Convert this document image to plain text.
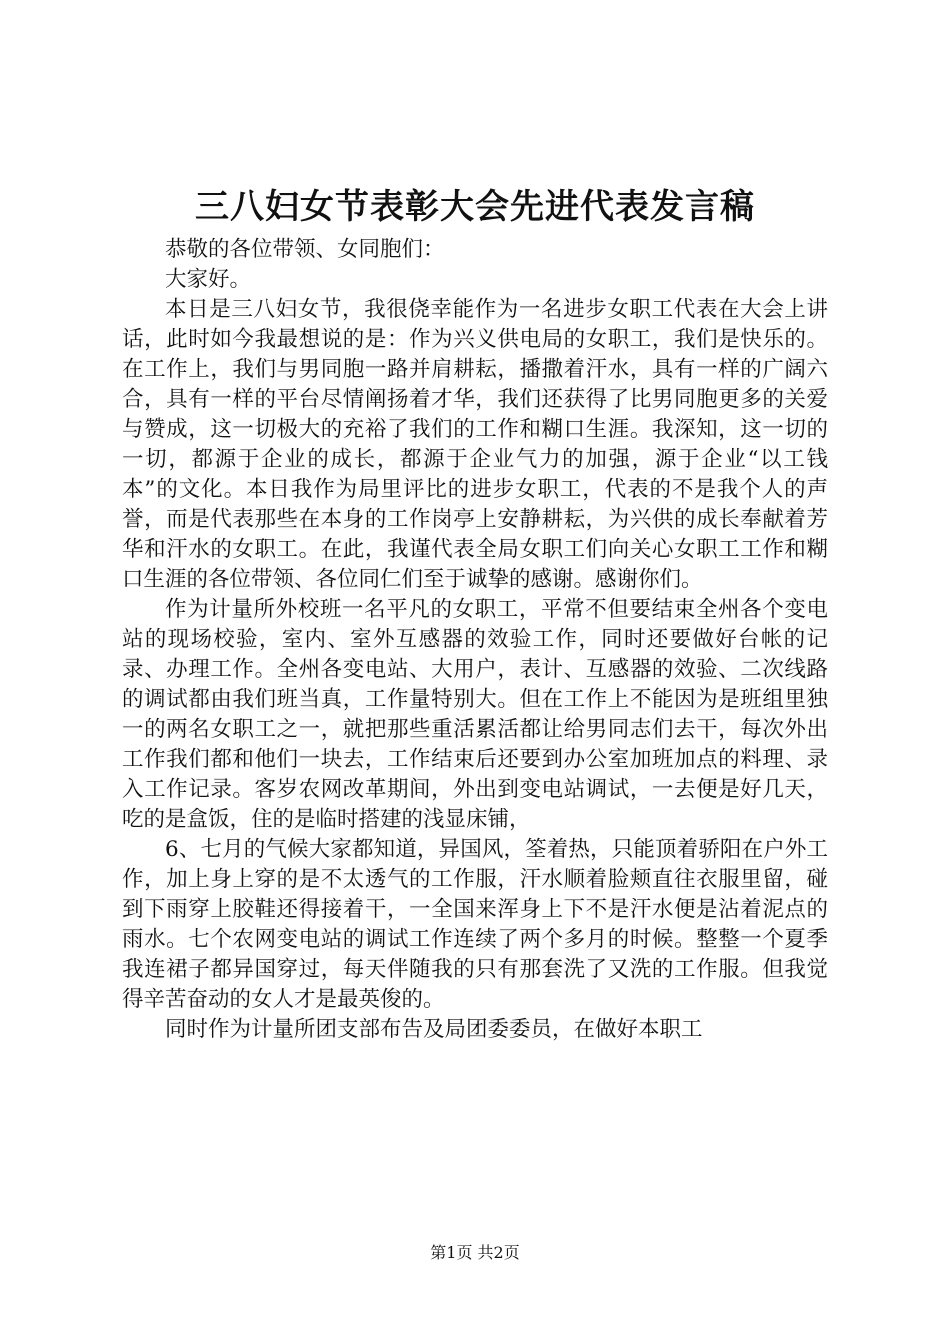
三八妇女节表彰大会先进代表发言稿

恭敬的各位带领、女同胞们：

大家好。

本日是三八妇女节，我很侥幸能作为一名进步女职工代表在大会上讲话，此时如今我最想说的是：作为兴义供电局的女职工，我们是快乐的。在工作上，我们与男同胞一路并肩耕耘，播撒着汗水，具有一样的广阔六合，具有一样的平台尽情阐扬着才华，我们还获得了比男同胞更多的关爱与赞成，这一切极大的充裕了我们的工作和糊口生涯。我深知，这一切的一切，都源于企业的成长，都源于企业气力的加强，源于企业“以工钱本”的文化。本日我作为局里评比的进步女职工，代表的不是我个人的声誉，而是代表那些在本身的工作岗亭上安静耕耘，为兴供的成长奉献着芳华和汗水的女职工。在此，我谨代表全局女职工们向关心女职工工作和糊口生涯的各位带领、各位同仁们至于诚挚的感谢。感谢你们。

作为计量所外校班一名平凡的女职工，平常不但要结束全州各个变电站的现场校验，室内、室外互感器的效验工作，同时还要做好台帐的记录、办理工作。全州各变电站、大用户，表计、互感器的效验、二次线路的调试都由我们班当真，工作量特别大。但在工作上不能因为是班组里独一的两名女职工之一，就把那些重活累活都让给男同志们去干，每次外出工作我们都和他们一块去，工作结束后还要到办公室加班加点的料理、录入工作记录。客岁农网改革期间，外出到变电站调试，一去便是好几天，吃的是盒饭，住的是临时搭建的浅显床铺，

6、七月的气候大家都知道，异国风，筌着热，只能顶着骄阳在户外工作，加上身上穿的是不太透气的工作服，汗水顺着脸颊直往衣服里留，碰到下雨穿上胶鞋还得接着干，一全国来浑身上下不是汗水便是沾着泥点的雨水。七个农网变电站的调试工作连续了两个多月的时候。整整一个夏季我连裙子都异国穿过，每天伴随我的只有那套洗了又洗的工作服。但我觉得辛苦奋动的女人才是最英俊的。

同时作为计量所团支部布告及局团委委员，在做好本职工

第1页 共2页
